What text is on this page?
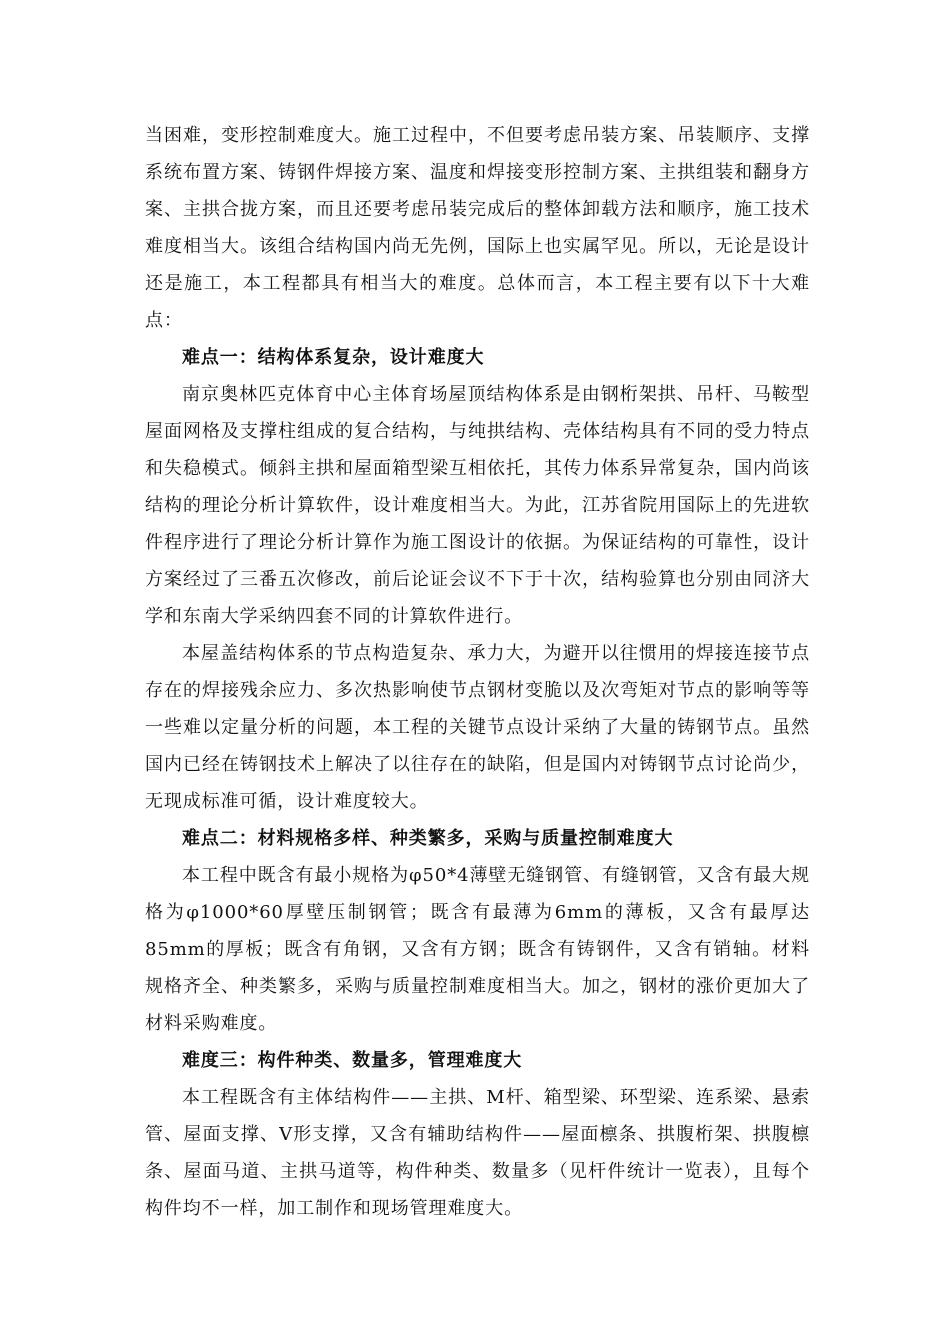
当困难，变形控制难度大。施工过程中，不但要考虑吊装方案、吊装顺序、支撑系统布置方案、铸钢件焊接方案、温度和焊接变形控制方案、主拱组装和翻身方案、主拱合拢方案，而且还要考虑吊装完成后的整体卸载方法和顺序，施工技术难度相当大。该组合结构国内尚无先例，国际上也实属罕见。所以，无论是设计还是施工，本工程都具有相当大的难度。总体而言，本工程主要有以下十大难点：

难点一：结构体系复杂，设计难度大

南京奥林匹克体育中心主体育场屋顶结构体系是由钢桁架拱、吊杆、马鞍型屋面网格及支撑柱组成的复合结构，与纯拱结构、壳体结构具有不同的受力特点和失稳模式。倾斜主拱和屋面箱型梁互相依托，其传力体系异常复杂，国内尚该结构的理论分析计算软件，设计难度相当大。为此，江苏省院用国际上的先进软件程序进行了理论分析计算作为施工图设计的依据。为保证结构的可靠性，设计方案经过了三番五次修改，前后论证会议不下于十次，结构验算也分别由同济大学和东南大学采纳四套不同的计算软件进行。

本屋盖结构体系的节点构造复杂、承力大，为避开以往惯用的焊接连接节点存在的焊接残余应力、多次热影响使节点钢材变脆以及次弯矩对节点的影响等等一些难以定量分析的问题，本工程的关键节点设计采纳了大量的铸钢节点。虽然国内已经在铸钢技术上解决了以往存在的缺陷，但是国内对铸钢节点讨论尚少，无现成标准可循，设计难度较大。

难点二：材料规格多样、种类繁多，采购与质量控制难度大

本工程中既含有最小规格为φ50*4薄壁无缝钢管、有缝钢管，又含有最大规格为φ1000*60厚壁压制钢管；既含有最薄为6mm的薄板，又含有最厚达85mm的厚板；既含有角钢，又含有方钢；既含有铸钢件，又含有销轴。材料规格齐全、种类繁多，采购与质量控制难度相当大。加之，钢材的涨价更加大了材料采购难度。

难度三：构件种类、数量多，管理难度大

本工程既含有主体结构件——主拱、M杆、箱型梁、环型梁、连系梁、悬索管、屋面支撑、V形支撑，又含有辅助结构件——屋面檩条、拱腹桁架、拱腹檩条、屋面马道、主拱马道等，构件种类、数量多（见杆件统计一览表），且每个构件均不一样，加工制作和现场管理难度大。
